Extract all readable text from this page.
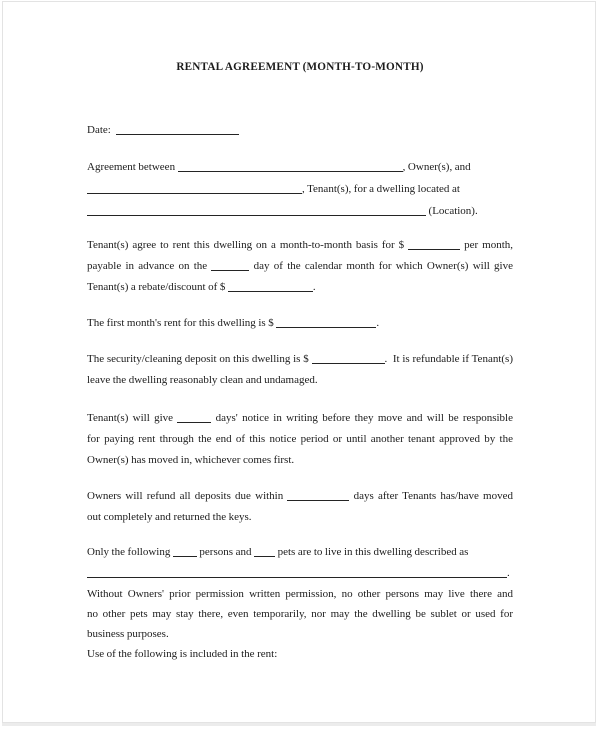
RENTAL AGREEMENT (MONTH-TO-MONTH)

Date:

Agreement between	, Owner(s), and
, Tenant(s), for a dwelling located at
(Location).

Tenant(s) agree to rent this dwelling on a month-to-month basis for $	per month,
payable in advance on the	day of the calendar month for which Owner(s) will give
Tenant(s) a rebate/discount of $	.

The first month's rent for this dwelling is $	.

The security/cleaning deposit on this dwelling is $	.  It is refundable if Tenant(s)
leave the dwelling reasonably clean and undamaged.

Tenant(s) will give	days' notice in writing before they move and will be responsible
for paying rent through the end of this notice period or until another tenant approved by the
Owner(s) has moved in, whichever comes first.

Owners will refund all deposits due within	days after Tenants has/have moved
out completely and returned the keys.

Only the following  persons and  pets are to live in this dwelling described as
.

Without Owners' prior permission written permission, no other persons may live there and
no other pets may stay there, even temporarily, nor may the dwelling be sublet or used for
business purposes.

Use of the following is included in the rent:
